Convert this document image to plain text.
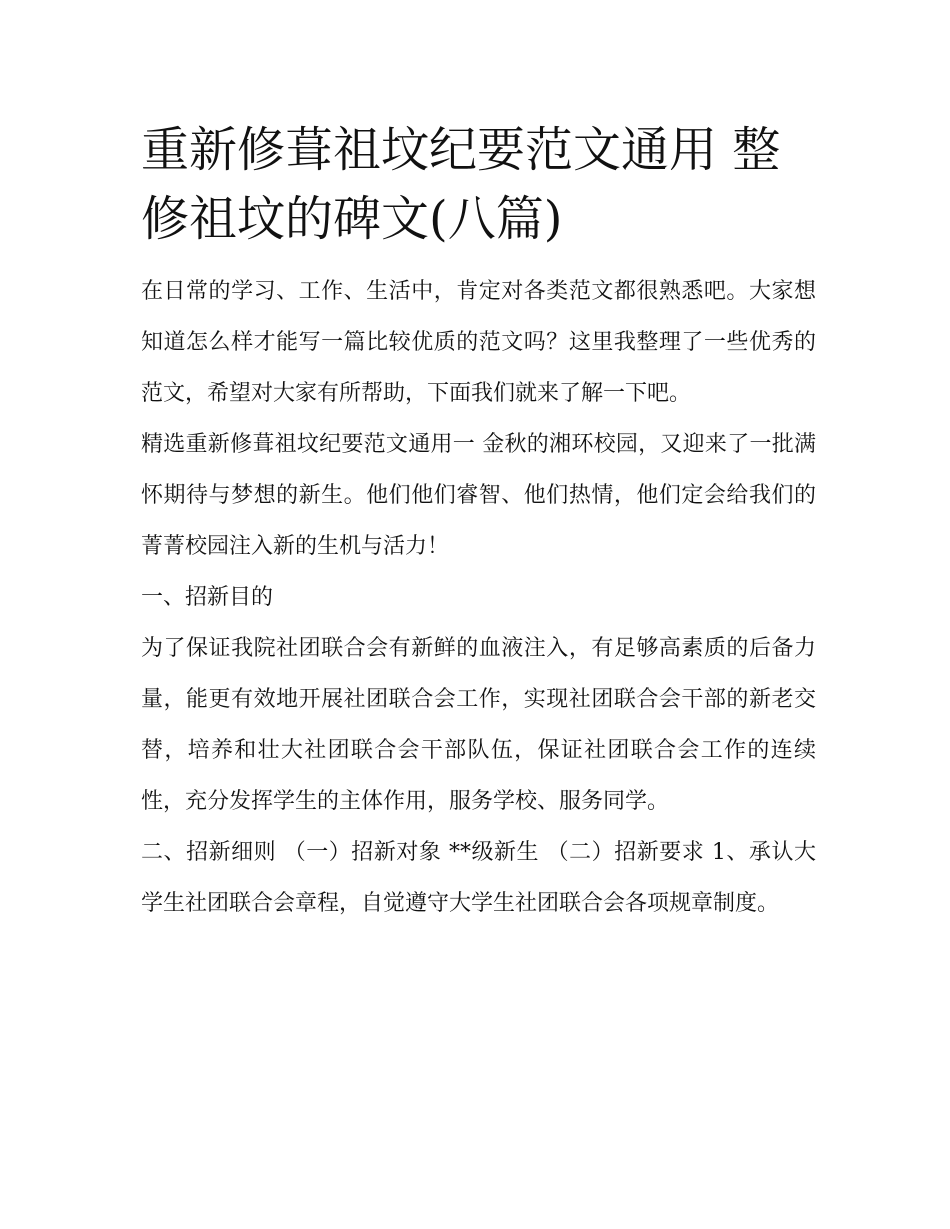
重新修葺祖坟纪要范文通用 整修祖坟的碑文(八篇)

在日常的学习、工作、生活中，肯定对各类范文都很熟悉吧。大家想知道怎么样才能写一篇比较优质的范文吗？这里我整理了一些优秀的范文，希望对大家有所帮助，下面我们就来了解一下吧。

精选重新修葺祖坟纪要范文通用一 金秋的湘环校园，又迎来了一批满怀期待与梦想的新生。他们他们睿智、他们热情，他们定会给我们的菁菁校园注入新的生机与活力！

一、招新目的

为了保证我院社团联合会有新鲜的血液注入，有足够高素质的后备力量，能更有效地开展社团联合会工作，实现社团联合会干部的新老交替，培养和壮大社团联合会干部队伍，保证社团联合会工作的连续性，充分发挥学生的主体作用，服务学校、服务同学。

二、招新细则 （一）招新对象 **级新生 （二）招新要求 1、承认大学生社团联合会章程，自觉遵守大学生社团联合会各项规章制度。
